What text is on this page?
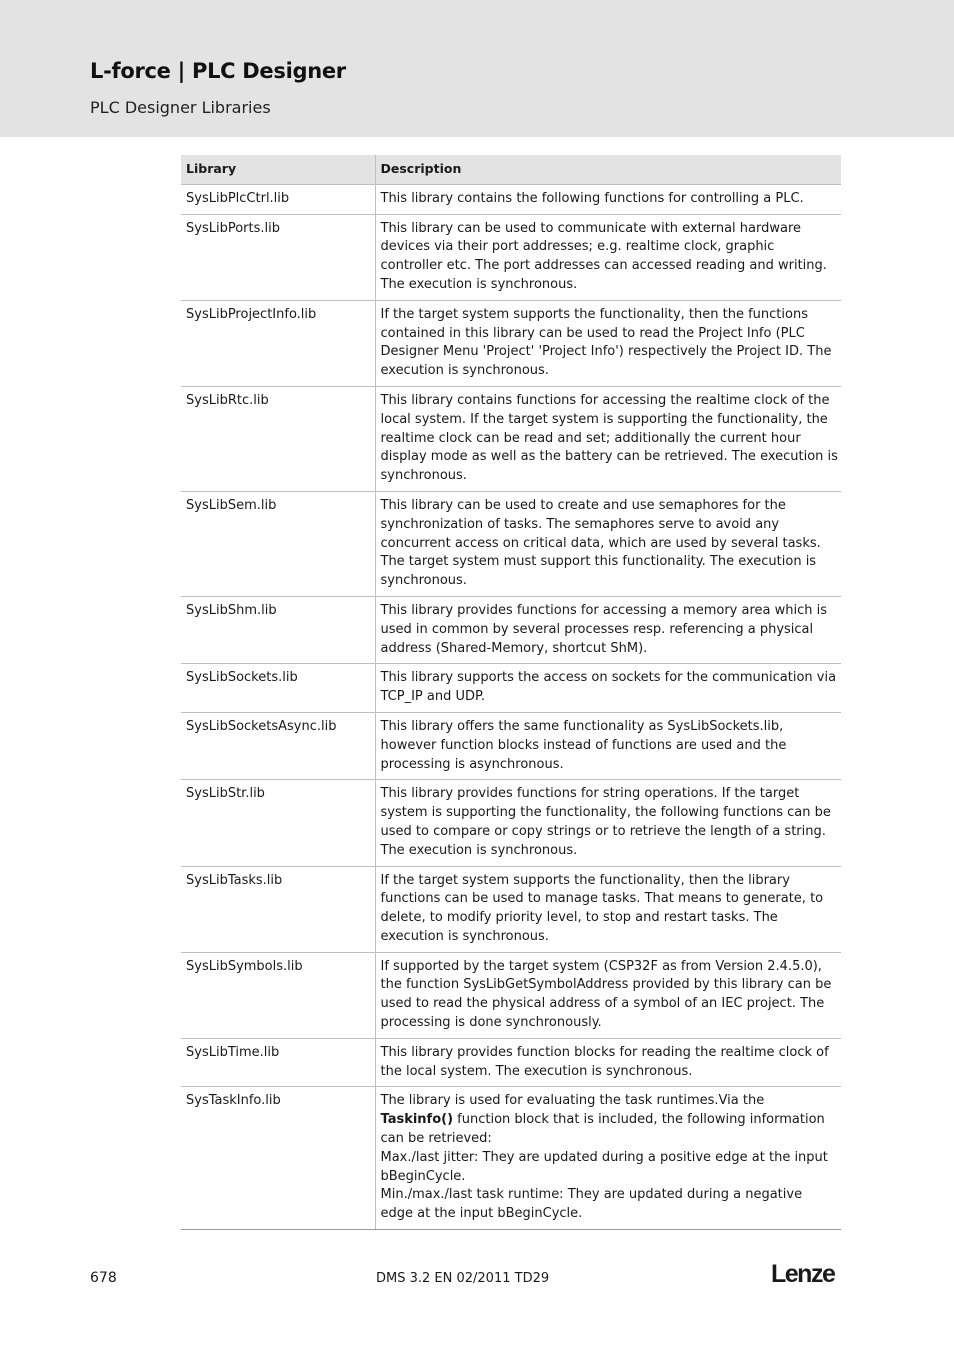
L-force | PLC Designer
PLC Designer Libraries
Library	Description
SysLibPlcCtrl.lib	This library contains the following functions for controlling a PLC.
SysLibPorts.lib	This library can be used to communicate with external hardware devices via their port addresses; e.g. realtime clock, graphic controller etc. The port addresses can accessed reading and writing. The execution is synchronous.
SysLibProjectInfo.lib	If the target system supports the functionality, then the functions contained in this library can be used to read the Project Info (PLC Designer Menu 'Project' 'Project Info') respectively the Project ID. The execution is synchronous.
SysLibRtc.lib	This library contains functions for accessing the realtime clock of the local system. If the target system is supporting the functionality, the realtime clock can be read and set; additionally the current hour display mode as well as the battery can be retrieved. The execution is synchronous.
SysLibSem.lib	This library can be used to create and use semaphores for the synchronization of tasks. The semaphores serve to avoid any concurrent access on critical data, which are used by several tasks. The target system must support this functionality. The execution is synchronous.
SysLibShm.lib	This library provides functions for accessing a memory area which is used in common by several processes resp. referencing a physical address (Shared-Memory, shortcut ShM).
SysLibSockets.lib	This library supports the access on sockets for the communication via TCP_IP and UDP.
SysLibSocketsAsync.lib	This library offers the same functionality as SysLibSockets.lib, however function blocks instead of functions are used and the processing is asynchronous.
SysLibStr.lib	This library provides functions for string operations. If the target system is supporting the functionality, the following functions can be used to compare or copy strings or to retrieve the length of a string. The execution is synchronous.
SysLibTasks.lib	If the target system supports the functionality, then the library functions can be used to manage tasks. That means to generate, to delete, to modify priority level, to stop and restart tasks. The execution is synchronous.
SysLibSymbols.lib	If supported by the target system (CSP32F as from Version 2.4.5.0), the function SysLibGetSymbolAddress provided by this library can be used to read the physical address of a symbol of an IEC project. The processing is done synchronously.
SysLibTime.lib	This library provides function blocks for reading the realtime clock of the local system. The execution is synchronous.
SysTaskInfo.lib	The library is used for evaluating the task runtimes.Via the Taskinfo() function block that is included, the following information can be retrieved:
Max./last jitter: They are updated during a positive edge at the input bBeginCycle.
Min./max./last task runtime: They are updated during a negative edge at the input bBeginCycle.
678	DMS 3.2 EN 02/2011 TD29	Lenze
